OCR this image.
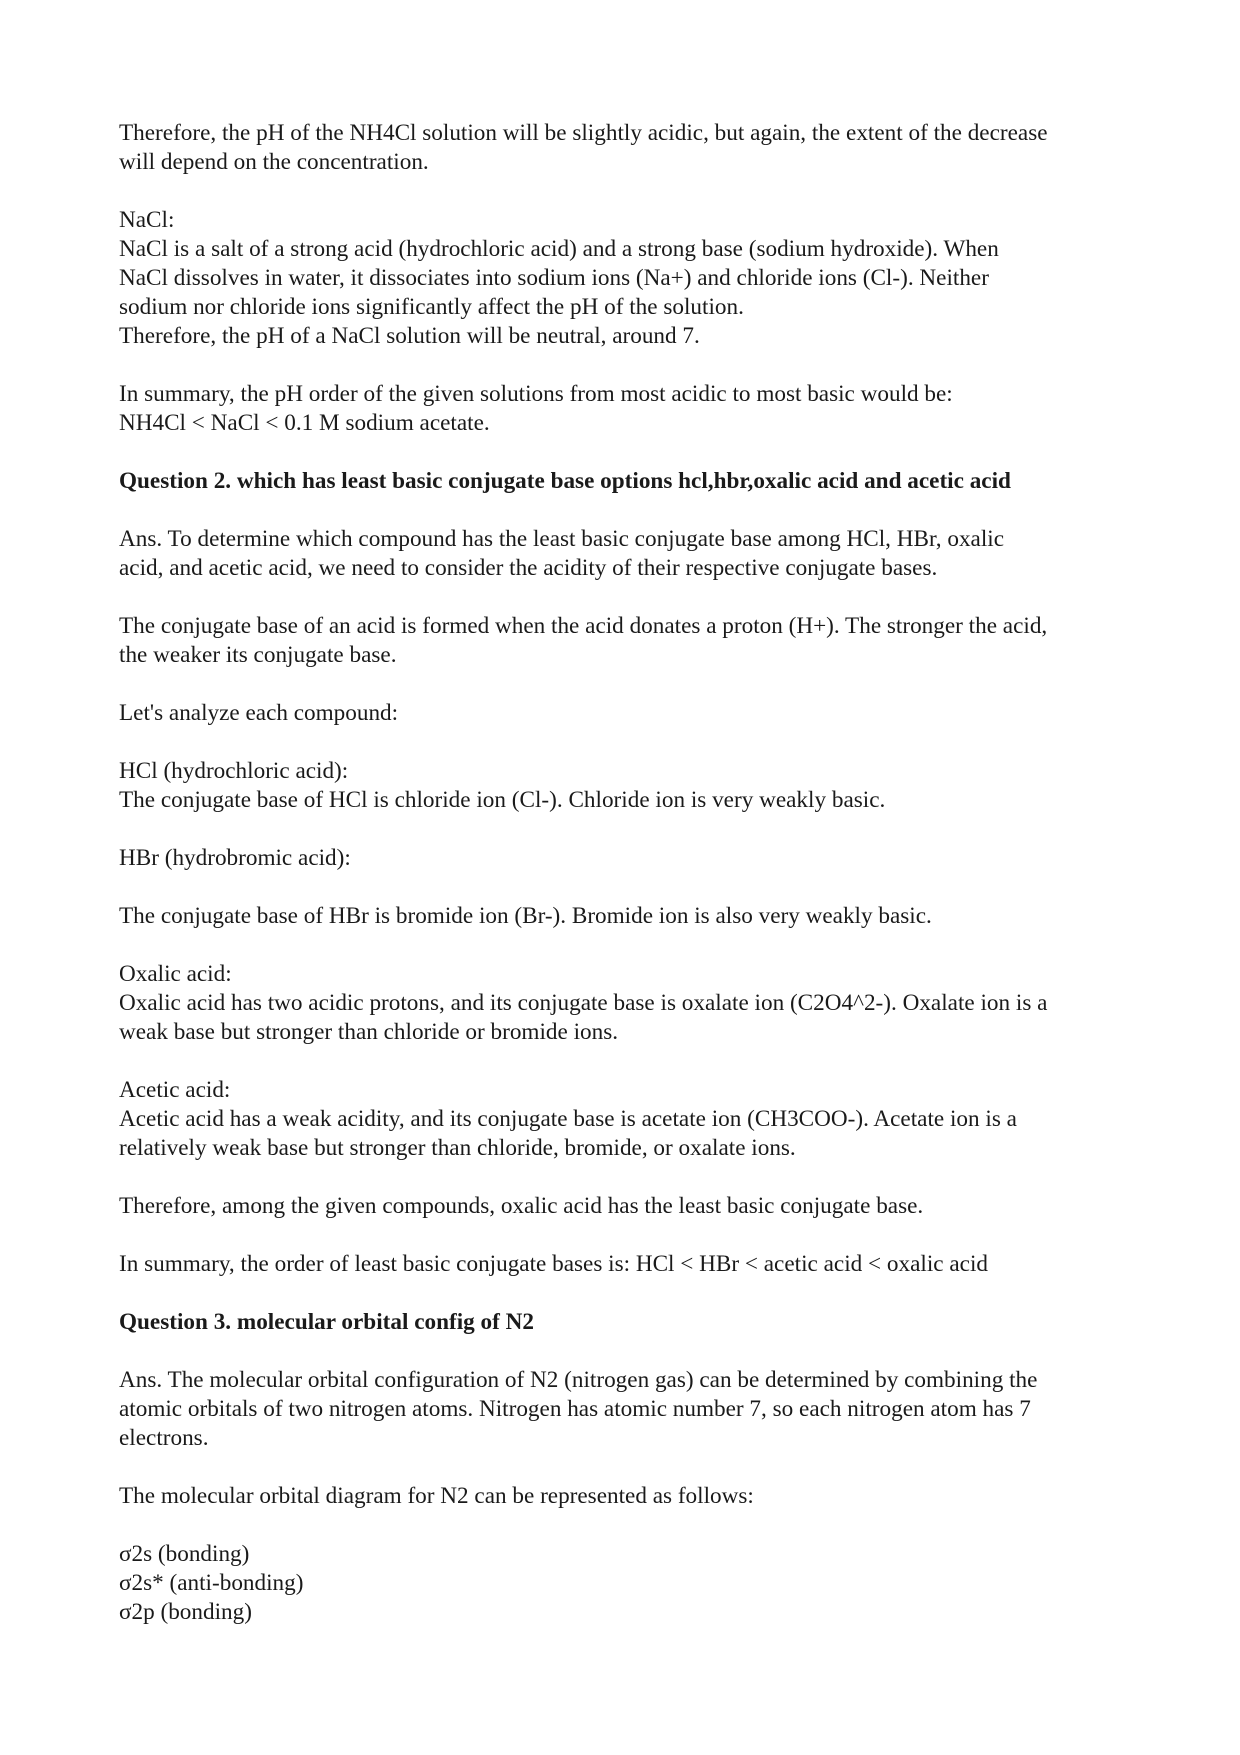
Therefore, the pH of the NH4Cl solution will be slightly acidic, but again, the extent of the decrease
will depend on the concentration.
NaCl:
NaCl is a salt of a strong acid (hydrochloric acid) and a strong base (sodium hydroxide). When
NaCl dissolves in water, it dissociates into sodium ions (Na+) and chloride ions (Cl-). Neither
sodium nor chloride ions significantly affect the pH of the solution.
Therefore, the pH of a NaCl solution will be neutral, around 7.
In summary, the pH order of the given solutions from most acidic to most basic would be:
NH4Cl < NaCl < 0.1 M sodium acetate.
Question 2. which has least basic conjugate base options hcl,hbr,oxalic acid and acetic acid
Ans. To determine which compound has the least basic conjugate base among HCl, HBr, oxalic
acid, and acetic acid, we need to consider the acidity of their respective conjugate bases.
The conjugate base of an acid is formed when the acid donates a proton (H+). The stronger the acid,
the weaker its conjugate base.
Let's analyze each compound:
HCl (hydrochloric acid):
The conjugate base of HCl is chloride ion (Cl-). Chloride ion is very weakly basic.
HBr (hydrobromic acid):
The conjugate base of HBr is bromide ion (Br-). Bromide ion is also very weakly basic.
Oxalic acid:
Oxalic acid has two acidic protons, and its conjugate base is oxalate ion (C2O4^2-). Oxalate ion is a
weak base but stronger than chloride or bromide ions.
Acetic acid:
Acetic acid has a weak acidity, and its conjugate base is acetate ion (CH3COO-). Acetate ion is a
relatively weak base but stronger than chloride, bromide, or oxalate ions.
Therefore, among the given compounds, oxalic acid has the least basic conjugate base.
In summary, the order of least basic conjugate bases is: HCl < HBr < acetic acid < oxalic acid
Question 3. molecular orbital config of N2
Ans. The molecular orbital configuration of N2 (nitrogen gas) can be determined by combining the
atomic orbitals of two nitrogen atoms. Nitrogen has atomic number 7, so each nitrogen atom has 7
electrons.
The molecular orbital diagram for N2 can be represented as follows:
σ2s (bonding)
σ2s* (anti-bonding)
σ2p (bonding)
